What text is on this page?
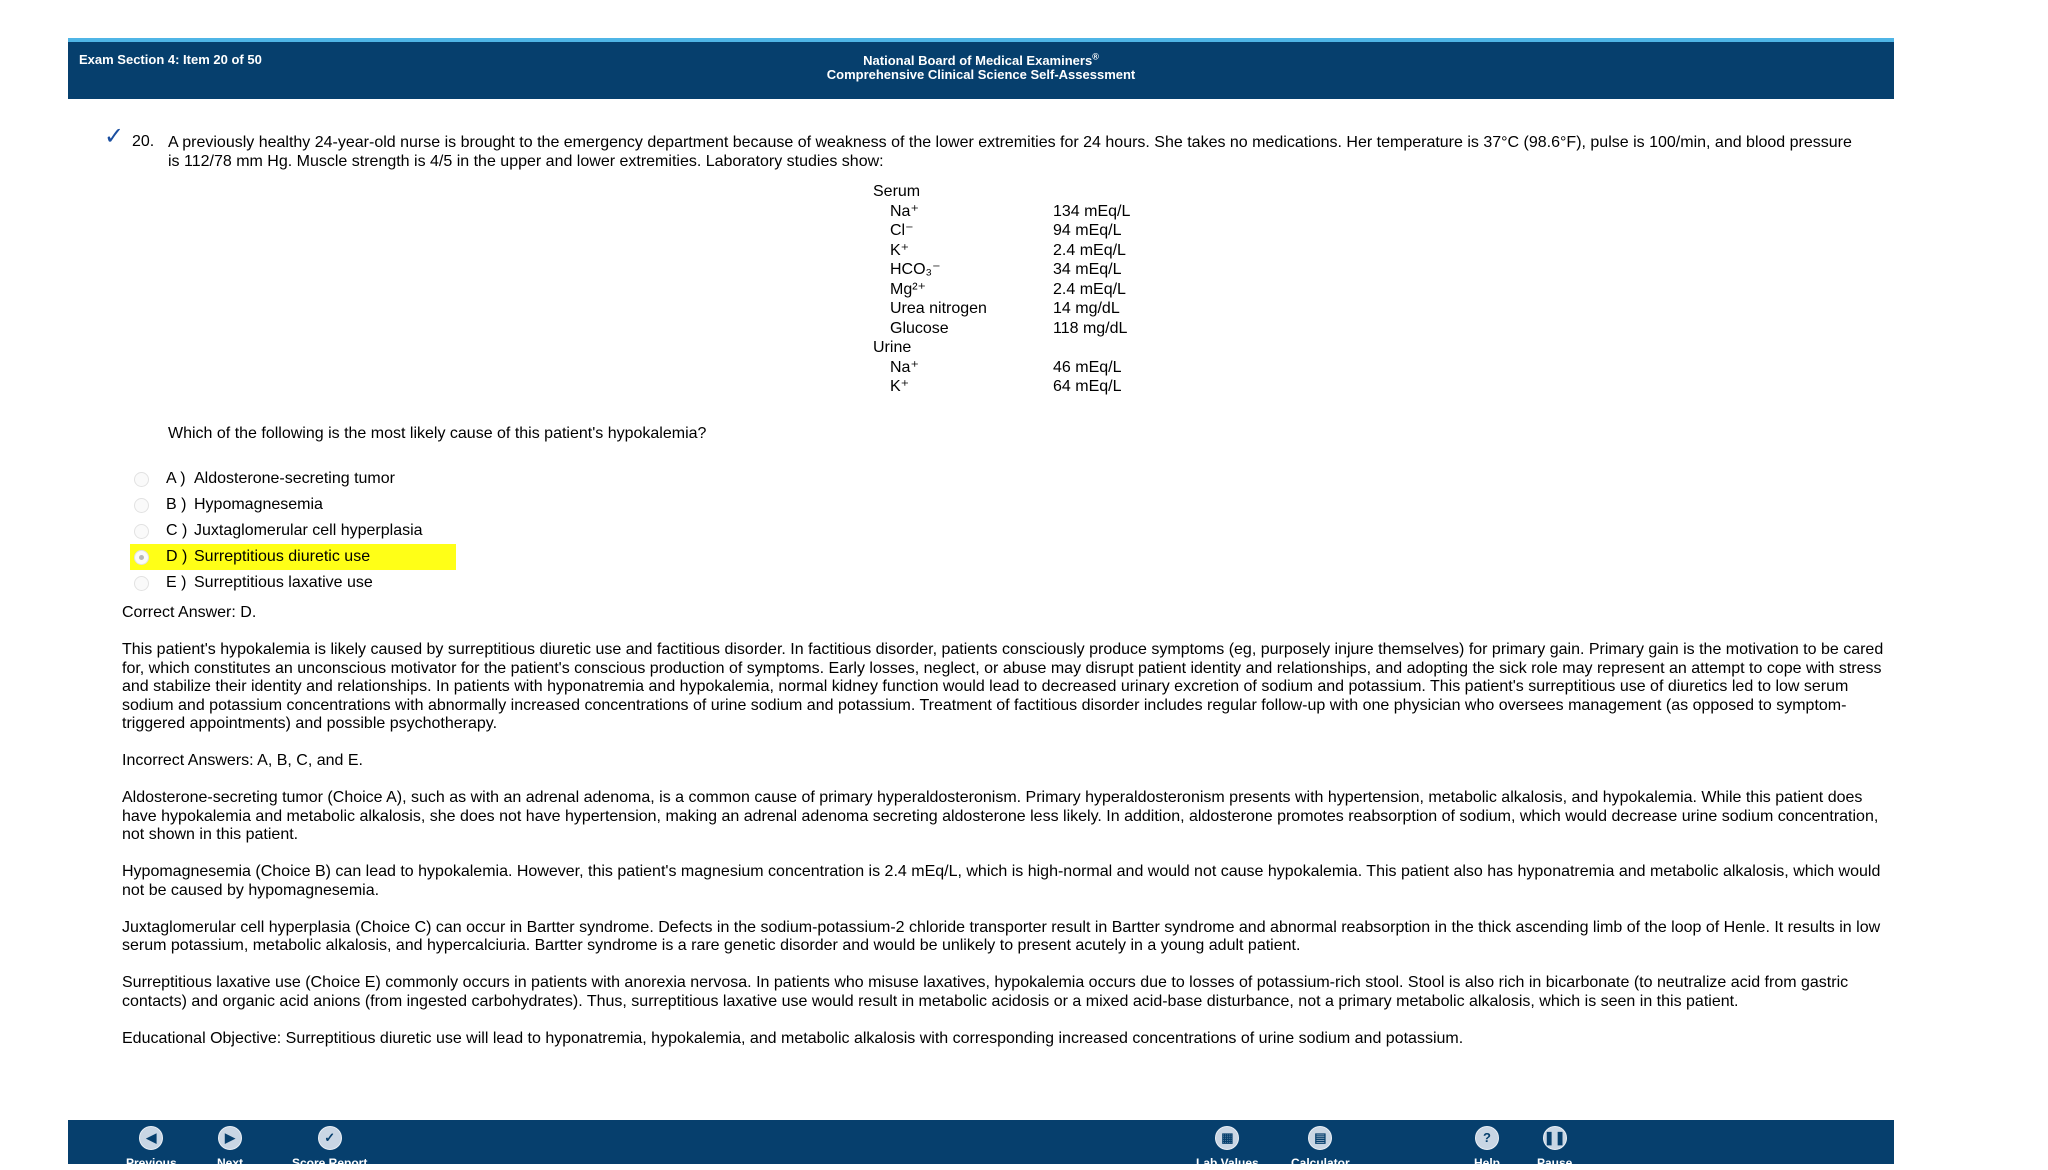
Exam Section 4: Item 20 of 50	National Board of Medical Examiners®
Comprehensive Clinical Science Self-Assessment
✓ 20. A previously healthy 24-year-old nurse is brought to the emergency department because of weakness of the lower extremities for 24 hours. She takes no medications. Her temperature is 37°C (98.6°F), pulse is 100/min, and blood pressure is 112/78 mm Hg. Muscle strength is 4/5 in the upper and lower extremities. Laboratory studies show:
Serum
Na⁺	134 mEq/L
Cl⁻	94 mEq/L
K⁺	2.4 mEq/L
HCO₃⁻	34 mEq/L
Mg²⁺	2.4 mEq/L
Urea nitrogen	14 mg/dL
Glucose	118 mg/dL
Urine
Na⁺	46 mEq/L
K⁺	64 mEq/L
Which of the following is the most likely cause of this patient's hypokalemia?
A ) Aldosterone-secreting tumor
B ) Hypomagnesemia
C ) Juxtaglomerular cell hyperplasia
D ) Surreptitious diuretic use
E ) Surreptitious laxative use

Correct Answer: D.

This patient's hypokalemia is likely caused by surreptitious diuretic use and factitious disorder. In factitious disorder, patients consciously produce symptoms (eg, purposely injure themselves) for primary gain. Primary gain is the motivation to be cared for, which constitutes an unconscious motivator for the patient's conscious production of symptoms. Early losses, neglect, or abuse may disrupt patient identity and relationships, and adopting the sick role may represent an attempt to cope with stress and stabilize their identity and relationships. In patients with hyponatremia and hypokalemia, normal kidney function would lead to decreased urinary excretion of sodium and potassium. This patient's surreptitious use of diuretics led to low serum sodium and potassium concentrations with abnormally increased concentrations of urine sodium and potassium. Treatment of factitious disorder includes regular follow-up with one physician who oversees management (as opposed to symptom-triggered appointments) and possible psychotherapy.

Incorrect Answers: A, B, C, and E.

Aldosterone-secreting tumor (Choice A), such as with an adrenal adenoma, is a common cause of primary hyperaldosteronism. Primary hyperaldosteronism presents with hypertension, metabolic alkalosis, and hypokalemia. While this patient does have hypokalemia and metabolic alkalosis, she does not have hypertension, making an adrenal adenoma secreting aldosterone less likely. In addition, aldosterone promotes reabsorption of sodium, which would decrease urine sodium concentration, not shown in this patient.

Hypomagnesemia (Choice B) can lead to hypokalemia. However, this patient's magnesium concentration is 2.4 mEq/L, which is high-normal and would not cause hypokalemia. This patient also has hyponatremia and metabolic alkalosis, which would not be caused by hypomagnesemia.

Juxtaglomerular cell hyperplasia (Choice C) can occur in Bartter syndrome. Defects in the sodium-potassium-2 chloride transporter result in Bartter syndrome and abnormal reabsorption in the thick ascending limb of the loop of Henle. It results in low serum potassium, metabolic alkalosis, and hypercalciuria. Bartter syndrome is a rare genetic disorder and would be unlikely to present acutely in a young adult patient.

Surreptitious laxative use (Choice E) commonly occurs in patients with anorexia nervosa. In patients who misuse laxatives, hypokalemia occurs due to losses of potassium-rich stool. Stool is also rich in bicarbonate (to neutralize acid from gastric contacts) and organic acid anions (from ingested carbohydrates). Thus, surreptitious laxative use would result in metabolic acidosis or a mixed acid-base disturbance, not a primary metabolic alkalosis, which is seen in this patient.

Educational Objective: Surreptitious diuretic use will lead to hyponatremia, hypokalemia, and metabolic alkalosis with corresponding increased concentrations of urine sodium and potassium.

◀
Previous
▶
Next
✓
Score Report
▦
Lab Values
▤
Calculator
?
Help
❚❚
Pause
